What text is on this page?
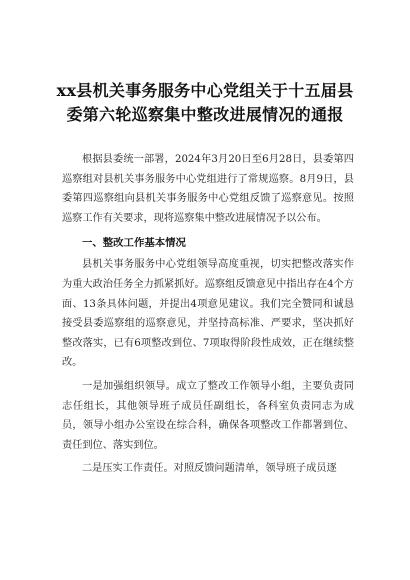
xx县机关事务服务中心党组关于十五届县
委第六轮巡察集中整改进展情况的通报

根据县委统一部署，2024年3月20日至6月28日，县委第四巡察组对县机关事务服务中心党组进行了常规巡察。8月9日，县委第四巡察组向县机关事务服务中心党组反馈了巡察意见。按照巡察工作有关要求，现将巡察集中整改进展情况予以公布。

一、整改工作基本情况

县机关事务服务中心党组领导高度重视，切实把整改落实作为重大政治任务全力抓紧抓好。巡察组反馈意见中指出存在4个方面、13条具体问题，并提出4项意见建议。我们完全赞同和诚恳接受县委巡察组的巡察意见，并坚持高标准、严要求，坚决抓好整改落实，已有6项整改到位、7项取得阶段性成效，正在继续整改。

一是加强组织领导。成立了整改工作领导小组，主要负责同志任组长，其他领导班子成员任副组长，各科室负责同志为成员，领导小组办公室设在综合科，确保各项整改工作都署到位、责任到位、落实到位。

二是压实工作责任。对照反馈问题清单，领导班子成员逐
